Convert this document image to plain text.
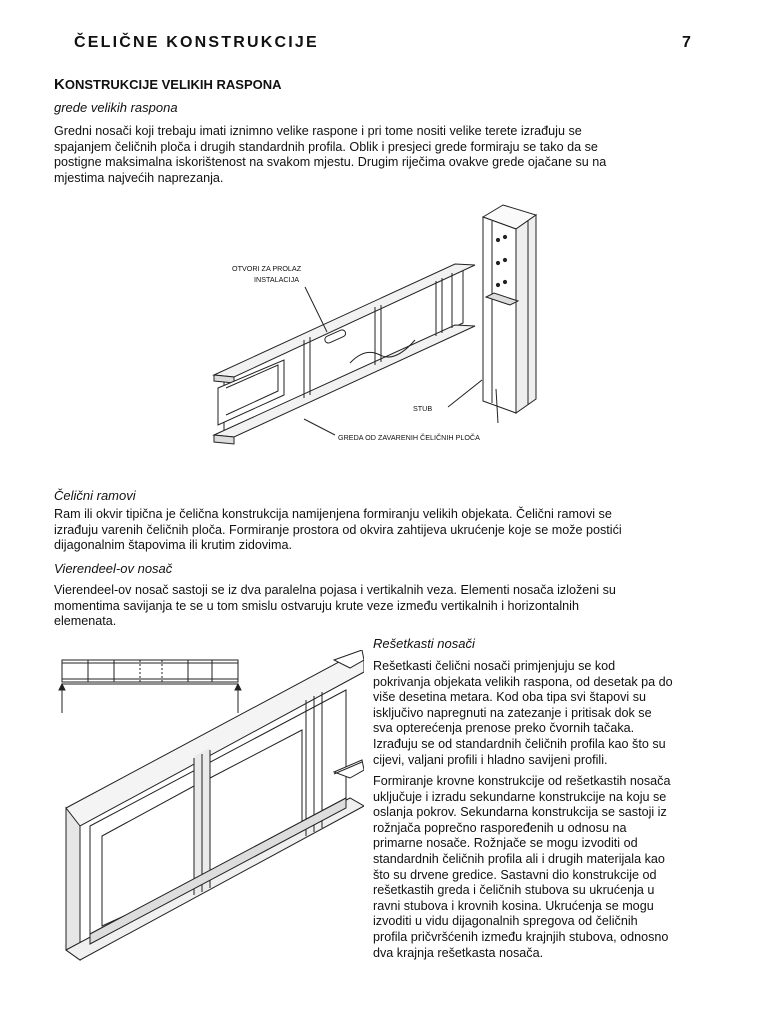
ČELIČNE KONSTRUKCIJE	7
KONSTRUKCIJE VELIKIH RASPONA
grede velikih raspona
Gredni nosači koji trebaju imati iznimno velike raspone i pri tome nositi velike terete izrađuju se
spajanjem čeličnih ploča i drugih standardnih profila. Oblik i presjeci grede formiraju se tako da se
postigne maksimalna iskorištenost na svakom mjestu. Drugim riječima ovakve grede ojačane su na
mjestima najvećih naprezanja.
OTVORI ZA PROLAZ
INSTALACIJA
STUB
GREDA OD ZAVARENIH ČELIČNIH PLOČA
Čelični ramovi
Ram ili okvir tipična je čelična konstrukcija namijenjena formiranju velikih objekata. Čelični ramovi se
izrađuju varenih čeličnih ploča. Formiranje prostora od okvira zahtijeva ukrućenje koje se može postići
dijagonalnim štapovima ili krutim zidovima.
Vierendeel-ov nosač
Vierendeel-ov nosač sastoji se iz dva paralelna pojasa i vertikalnih veza. Elementi nosača izloženi su
momentima savijanja te se u tom smislu ostvaruju krute veze između vertikalnih i horizontalnih
elemenata.
Rešetkasti nosači
Rešetkasti čelični nosači primjenjuju se kod
pokrivanja objekata velikih raspona, od desetak pa do
više desetina metara. Kod oba tipa svi štapovi su
isključivo napregnuti na zatezanje i pritisak dok se
sva opterećenja prenose preko čvornih tačaka.
Izrađuju se od standardnih čeličnih profila kao što su
cijevi, valjani profili i hladno savijeni profili.
Formiranje krovne konstrukcije od rešetkastih nosača
uključuje i izradu sekundarne konstrukcije na koju se
oslanja pokrov. Sekundarna konstrukcija se sastoji iz
rožnjača poprečno raspoređenih u odnosu na
primarne nosače. Rožnjače se mogu izvoditi od
standardnih čeličnih profila ali i drugih materijala kao
što su drvene gredice. Sastavni dio konstrukcije od
rešetkastih greda i čeličnih stubova su ukrućenja u
ravni stubova i krovnih kosina. Ukrućenja se mogu
izvoditi u vidu dijagonalnih spregova od čeličnih
profila pričvršćenih između krajnjih stubova, odnosno
dva krajnja rešetkasta nosača.
